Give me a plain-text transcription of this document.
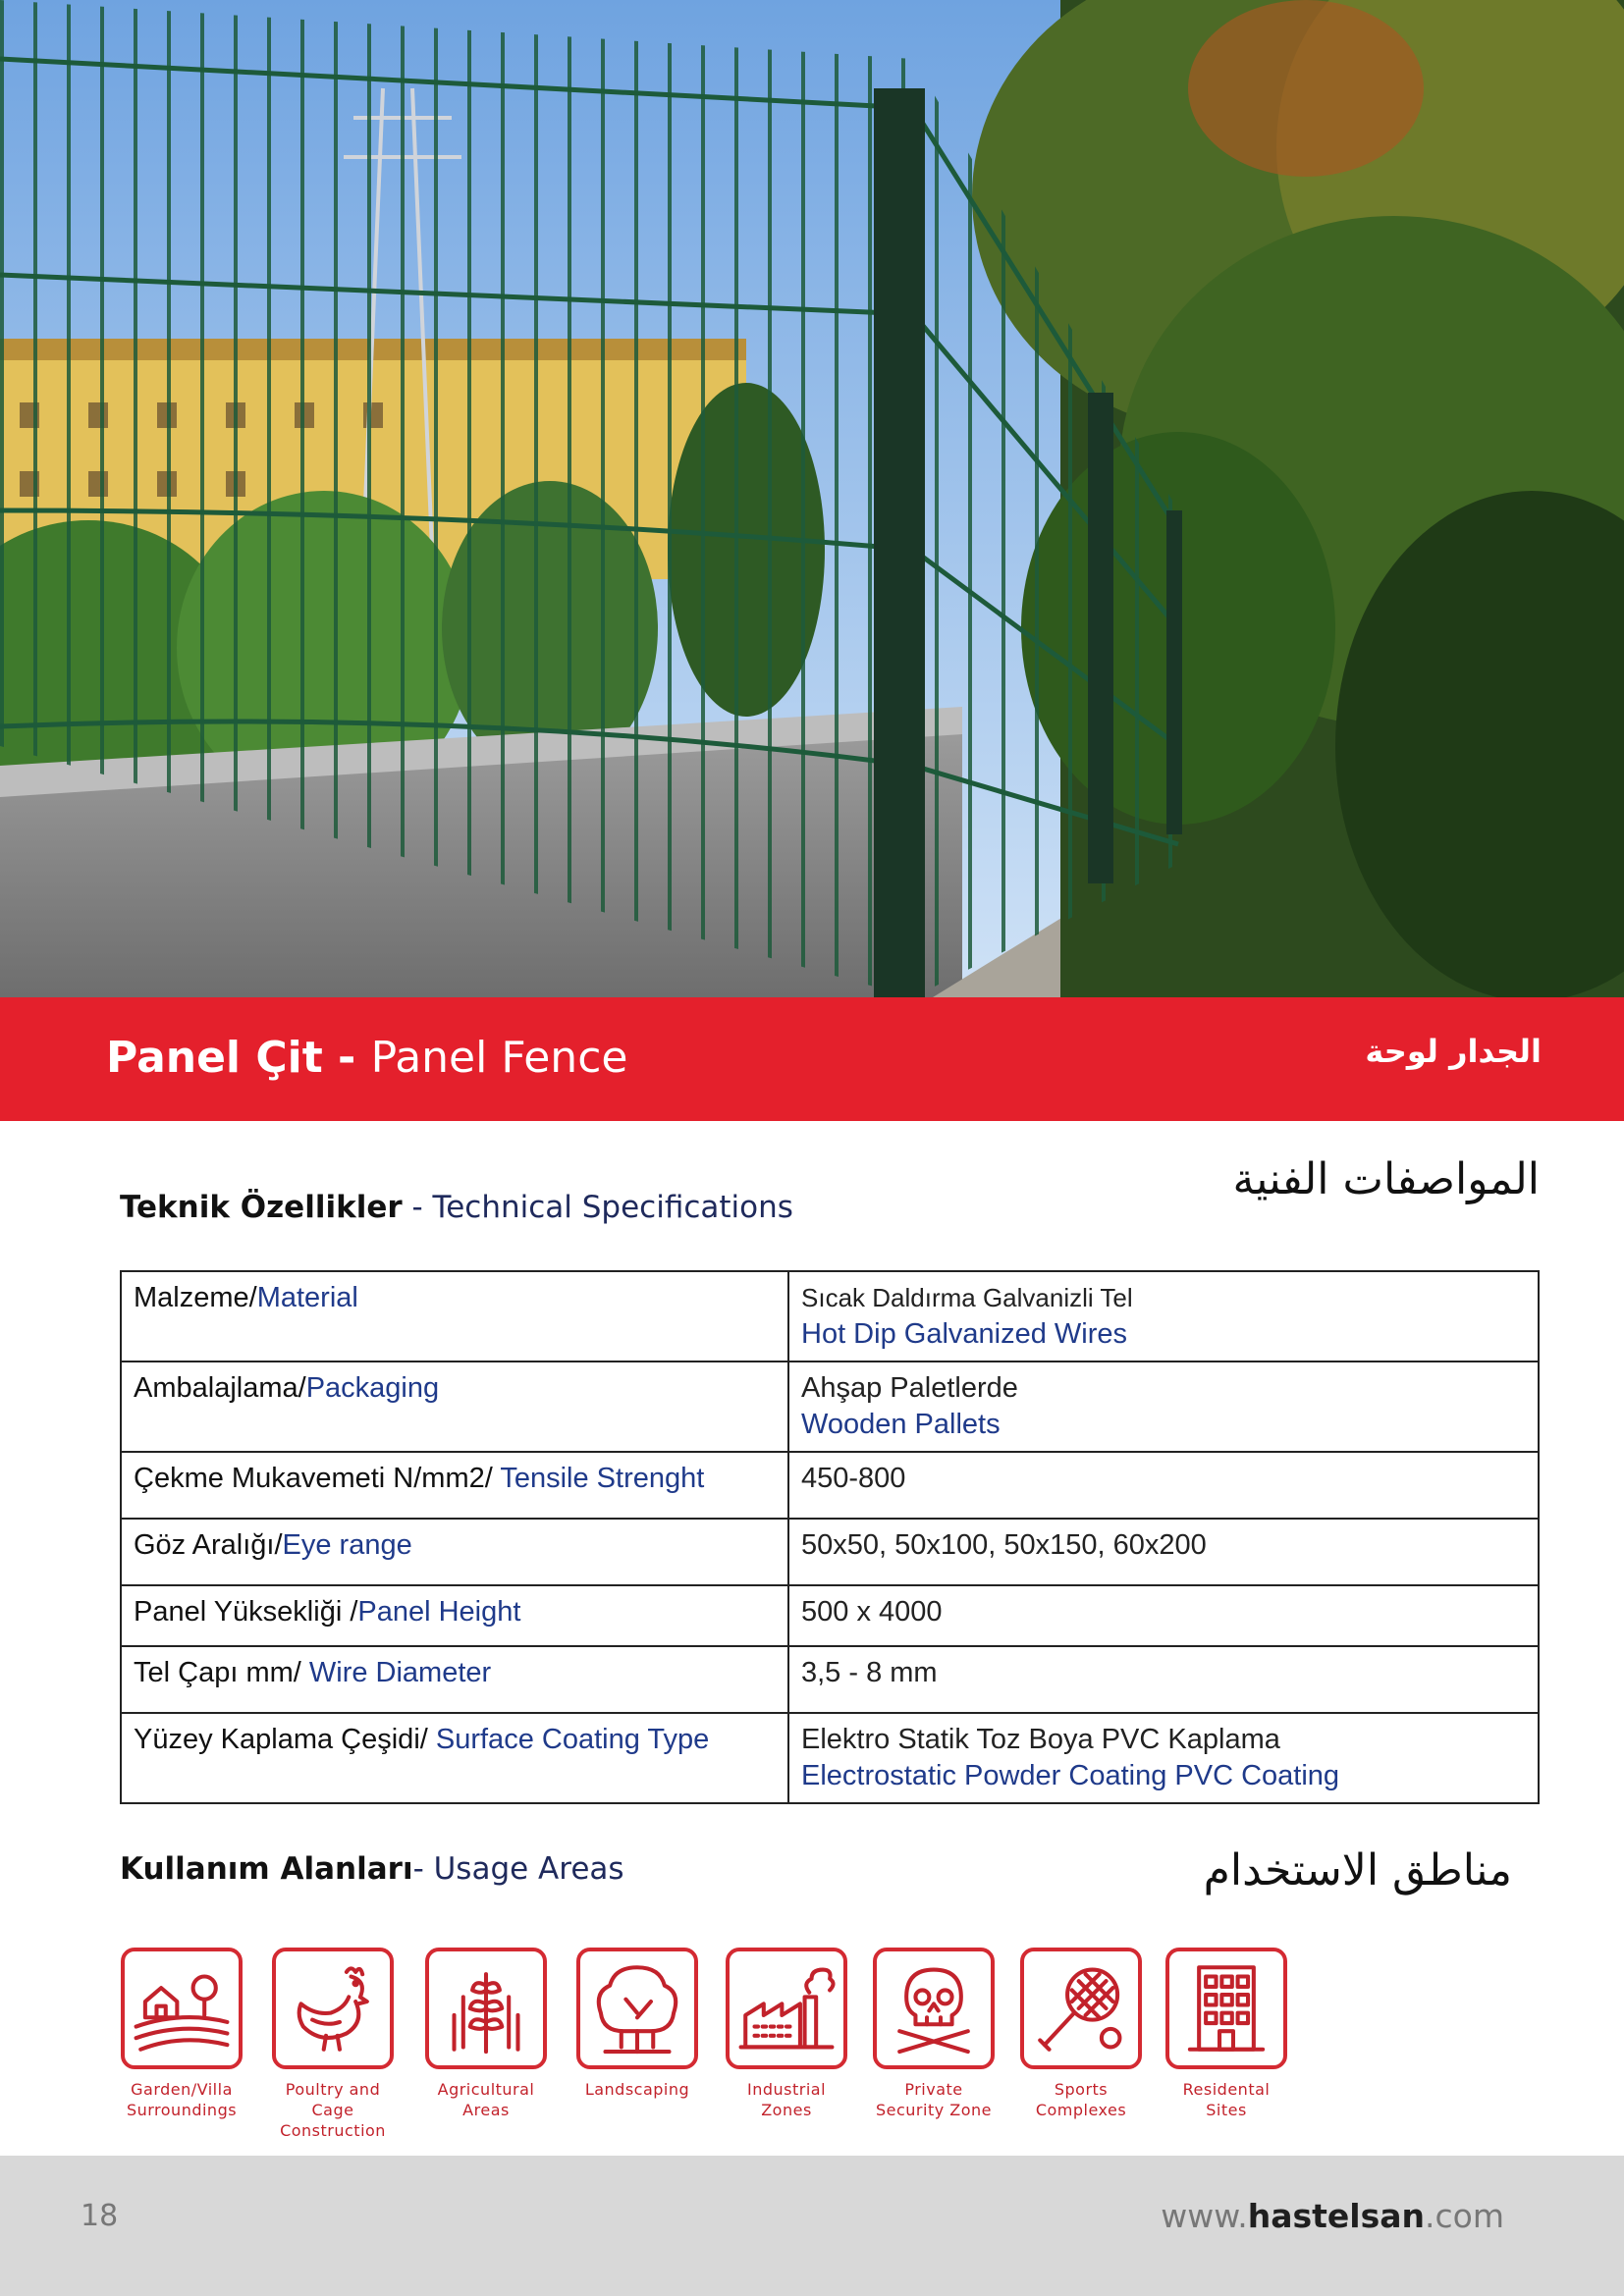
Panel Çit - Panel Fence	الجدار لوحة
Teknik Özellikler - Technical Specifications
المواصفات الفنية
Malzeme/Material	Sıcak Daldırma Galvanizli Tel
Hot Dip Galvanized Wires

Ambalajlama/Packaging	Ahşap Paletlerde
Wooden Pallets

Çekme Mukavemeti N/mm2/ Tensile Strenght	450-800

Göz Aralığı/Eye range	50x50, 50x100, 50x150, 60x200

Panel Yüksekliği /Panel Height	500 x 4000

Tel Çapı mm/ Wire Diameter	3,5 - 8 mm

Yüzey Kaplama Çeşidi/ Surface Coating Type	Elektro Statik Toz Boya PVC Kaplama
Electrostatic Powder Coating PVC Coating
Kullanım Alanları- Usage Areas	مناطق الاستخدام
Garden/Villa
Surroundings
Poultry and Cage
Construction
Agricultural
Areas
Landscaping	Industrial
Zones
Private
Security Zone
Sports
Complexes
Residental
Sites
18	www.hastelsan.com
